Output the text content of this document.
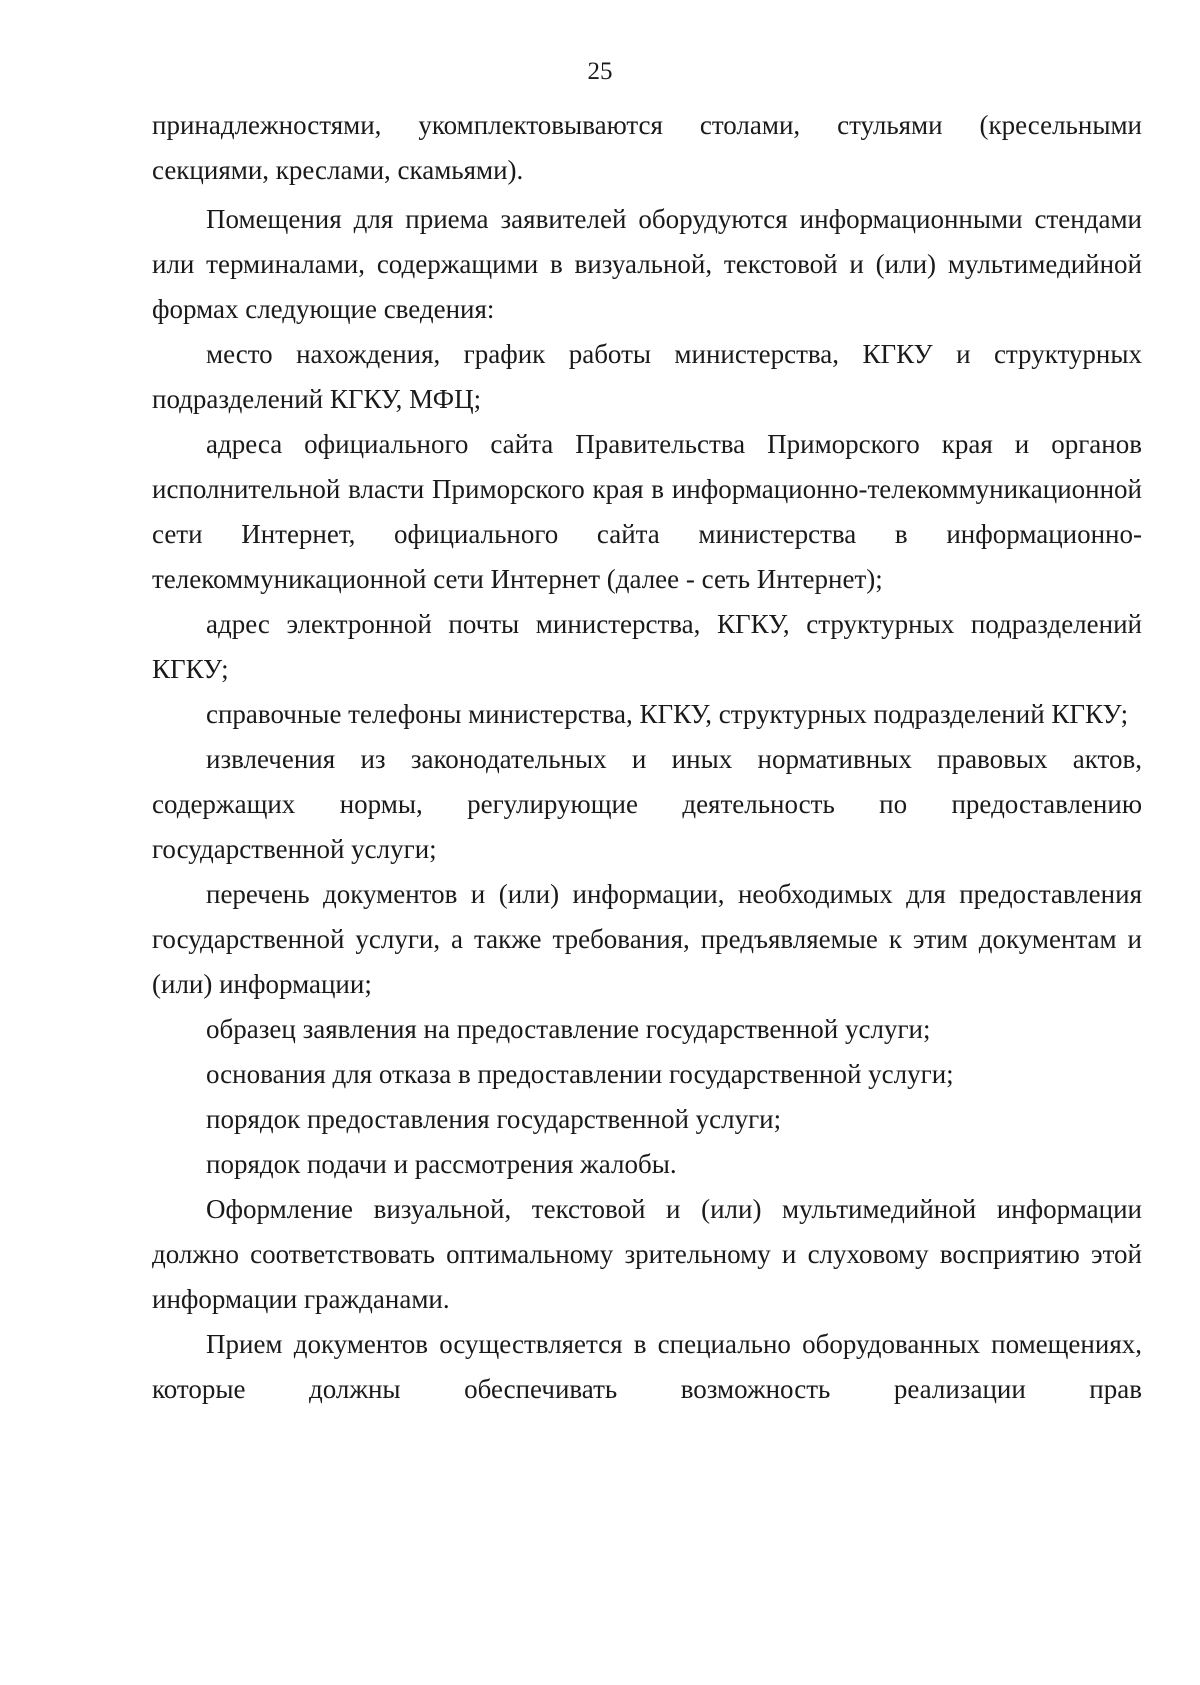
25

принадлежностями, укомплектовываются столами, стульями (кресельными секциями, креслами, скамьями).

Помещения для приема заявителей оборудуются информационными стендами или терминалами, содержащими в визуальной, текстовой и (или) мультимедийной формах следующие сведения:

место нахождения, график работы министерства, КГКУ и структурных подразделений КГКУ, МФЦ;

адреса официального сайта Правительства Приморского края и органов исполнительной власти Приморского края в информационно-телекоммуникационной сети Интернет, официального сайта министерства в информационно-телекоммуникационной сети Интернет (далее - сеть Интернет);

адрес электронной почты министерства, КГКУ, структурных подразделений КГКУ;

справочные телефоны министерства, КГКУ, структурных подразделений КГКУ;

извлечения из законодательных и иных нормативных правовых актов, содержащих нормы, регулирующие деятельность по предоставлению государственной услуги;

перечень документов и (или) информации, необходимых для предоставления государственной услуги, а также требования, предъявляемые к этим документам и (или) информации;

образец заявления на предоставление государственной услуги;

основания для отказа в предоставлении государственной услуги;

порядок предоставления государственной услуги;

порядок подачи и рассмотрения жалобы.

Оформление визуальной, текстовой и (или) мультимедийной информации должно соответствовать оптимальному зрительному и слуховому восприятию этой информации гражданами.

Прием документов осуществляется в специально оборудованных помещениях, которые должны обеспечивать возможность реализации прав
